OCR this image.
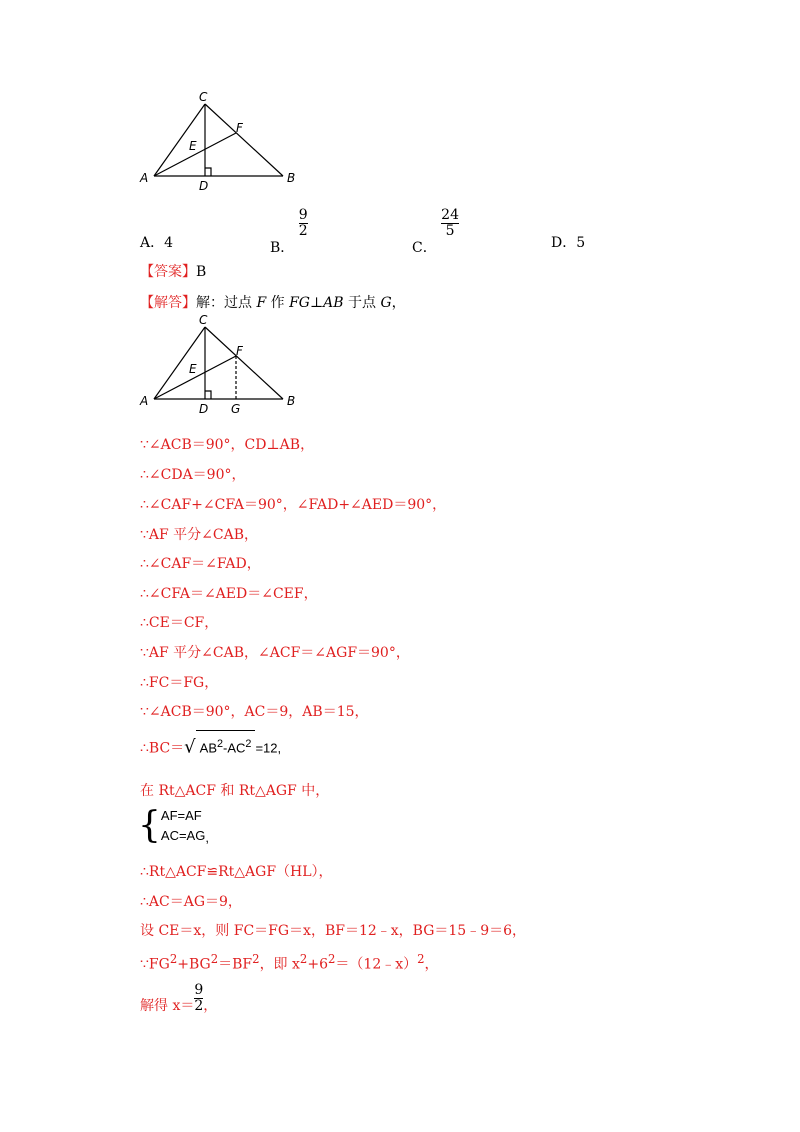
C
F
E
A
D
B
A．4	B．
$\frac{9}{2}$
C．
$\frac{24}{5}$
D．5
【答案】B
【解答】解：过点 F 作 FG⊥AB 于点 G，
C
F
E
A
D G
B
∵∠ACB＝90°，CD⊥AB，
∴∠CDA＝90°，
∴∠CAF+∠CFA＝90°，∠FAD+∠AED＝90°，
∵AF 平分∠CAB，
∴∠CAF＝∠FAD，
∴∠CFA＝∠AED＝∠CEF，
∴CE＝CF，
∵AF 平分∠CAB，∠ACF＝∠AGF＝90°，
∴FC＝FG，
∵∠ACB＝90°，AC＝9，AB＝15，
∴BC＝√ $AB^2-AC^2 =12$,
在 Rt△ACF 和 Rt△AGF 中，
{ AF=AF
AC=AG ,
∴Rt△ACF≌Rt△AGF（HL），
∴AC＝AG＝9，
设 CE＝x，则 FC＝FG＝x，BF＝12﹣x，BG＝15﹣9＝6，
$\because FG^2+BG^2=BF^2$，即 $x^2+6^2=(12﹣x)^2$，
解得 $x= \frac{9}{2}$ ，
